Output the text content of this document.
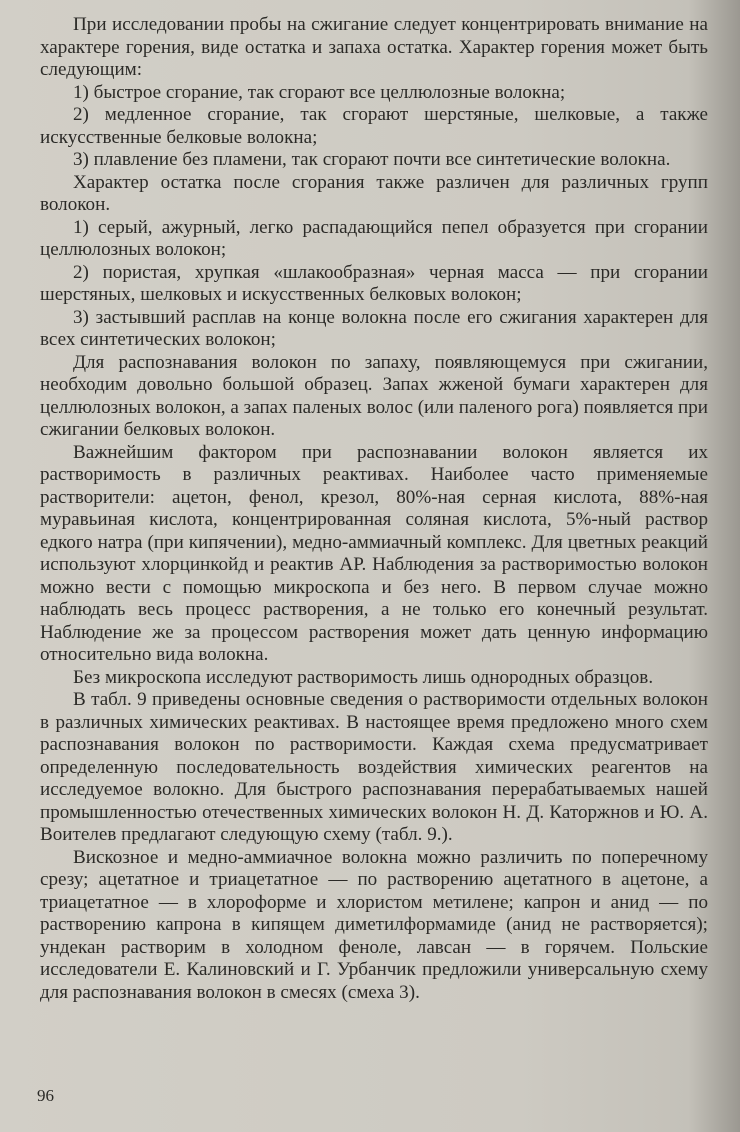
При исследовании пробы на сжигание следует концентрировать внимание на характере горения, виде остатка и запаха остатка. Характер горения может быть следующим:

1) быстрое сгорание, так сгорают все целлюлозные волокна;

2) медленное сгорание, так сгорают шерстяные, шелковые, а также искусственные белковые волокна;

3) плавление без пламени, так сгорают почти все синтетические волокна.

Характер остатка после сгорания также различен для различных групп волокон.

1) серый, ажурный, легко распадающийся пепел образуется при сгорании целлюлозных волокон;

2) пористая, хрупкая «шлакообразная» черная масса — при сгорании шерстяных, шелковых и искусственных белковых волокон;

3) застывший расплав на конце волокна после его сжигания характерен для всех синтетических волокон;

Для распознавания волокон по запаху, появляющемуся при сжигании, необходим довольно большой образец. Запах жженой бумаги характерен для целлюлозных волокон, а запах паленых волос (или паленого рога) появляется при сжигании белковых волокон.

Важнейшим фактором при распознавании волокон является их растворимость в различных реактивах. Наиболее часто применяемые растворители: ацетон, фенол, крезол, 80%-ная серная кислота, 88%-ная муравьиная кислота, концентрированная соляная кислота, 5%-ный раствор едкого натра (при кипячении), медно-аммиачный комплекс. Для цветных реакций используют хлорцинкойд и реактив АР. Наблюдения за растворимостью волокон можно вести с помощью микроскопа и без него. В первом случае можно наблюдать весь процесс растворения, а не только его конечный результат. Наблюдение же за процессом растворения может дать ценную информацию относительно вида волокна.

Без микроскопа исследуют растворимость лишь однородных образцов.

В табл. 9 приведены основные сведения о растворимости отдельных волокон в различных химических реактивах. В настоящее время предложено много схем распознавания волокон по растворимости. Каждая схема предусматривает определенную последовательность воздействия химических реагентов на исследуемое волокно. Для быстрого распознавания перерабатываемых нашей промышленностью отечественных химических волокон Н. Д. Каторжнов и Ю. А. Воителев предлагают следующую схему (табл. 9.).

Вискозное и медно-аммиачное волокна можно различить по поперечному срезу; ацетатное и триацетатное — по растворению ацетатного в ацетоне, а триацетатное — в хлороформе и хлористом метилене; капрон и анид — по растворению капрона в кипящем диметилформамиде (анид не растворяется); ундекан растворим в холодном феноле, лавсан — в горячем. Польские исследователи Е. Калиновский и Г. Урбанчик предложили универсальную схему для распознавания волокон в смесях (смеха 3).

96
